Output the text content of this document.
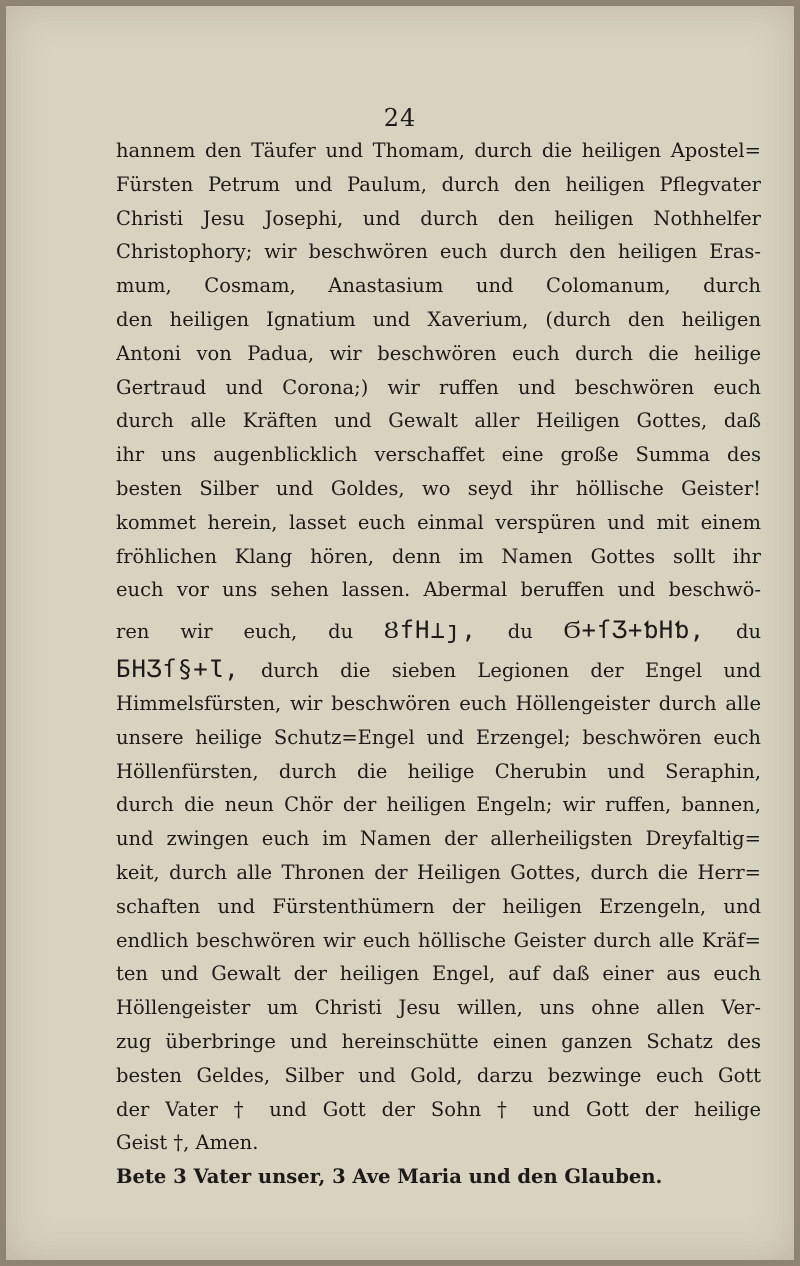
24
hannem den Täufer und Thomam, durch die heiligen Apostel=
Fürsten Petrum und Paulum, durch den heiligen Pflegvater
Christi Jesu Josephi, und durch den heiligen Nothhelfer
Christophory; wir beschwören euch durch den heiligen Eras-
mum, Cosmam, Anastasium und Colomanum, durch
den heiligen Ignatium und Xaverium, (durch den heiligen
Antoni von Padua, wir beschwören euch durch die heilige
Gertraud und Corona;) wir ruffen und beschwören euch
durch alle Kräften und Gewalt aller Heiligen Gottes, daß
ihr uns augenblicklich verschaffet eine große Summa des
besten Silber und Goldes, wo seyd ihr höllische Geister!
kommet herein, lasset euch einmal verspüren und mit einem
fröhlichen Klang hören, denn im Namen Gottes sollt ihr
euch vor uns sehen lassen. Abermal beruffen und beschwö-
ren wir euch, du ȢfH⊥ȷ, du Ϭ+ſƷ+ƅHƅ, du
ƂHƷſ§+Ɩ, durch die sieben Legionen der Engel und
Himmelsfürsten, wir beschwören euch Höllengeister durch alle
unsere heilige Schutz=Engel und Erzengel; beschwören euch
Höllenfürsten, durch die heilige Cherubin und Seraphin,
durch die neun Chör der heiligen Engeln; wir ruffen, bannen,
und zwingen euch im Namen der allerheiligsten Dreyfaltig=
keit, durch alle Thronen der Heiligen Gottes, durch die Herr=
schaften und Fürstenthümern der heiligen Erzengeln, und
endlich beschwören wir euch höllische Geister durch alle Kräf=
ten und Gewalt der heiligen Engel, auf daß einer aus euch
Höllengeister um Christi Jesu willen, uns ohne allen Ver-
zug überbringe und hereinschütte einen ganzen Schatz des
besten Geldes, Silber und Gold, darzu bezwinge euch Gott
der Vater † und Gott der Sohn † und Gott der heilige
Geist †, Amen.
Bete 3 Vater unser, 3 Ave Maria und den Glauben.
